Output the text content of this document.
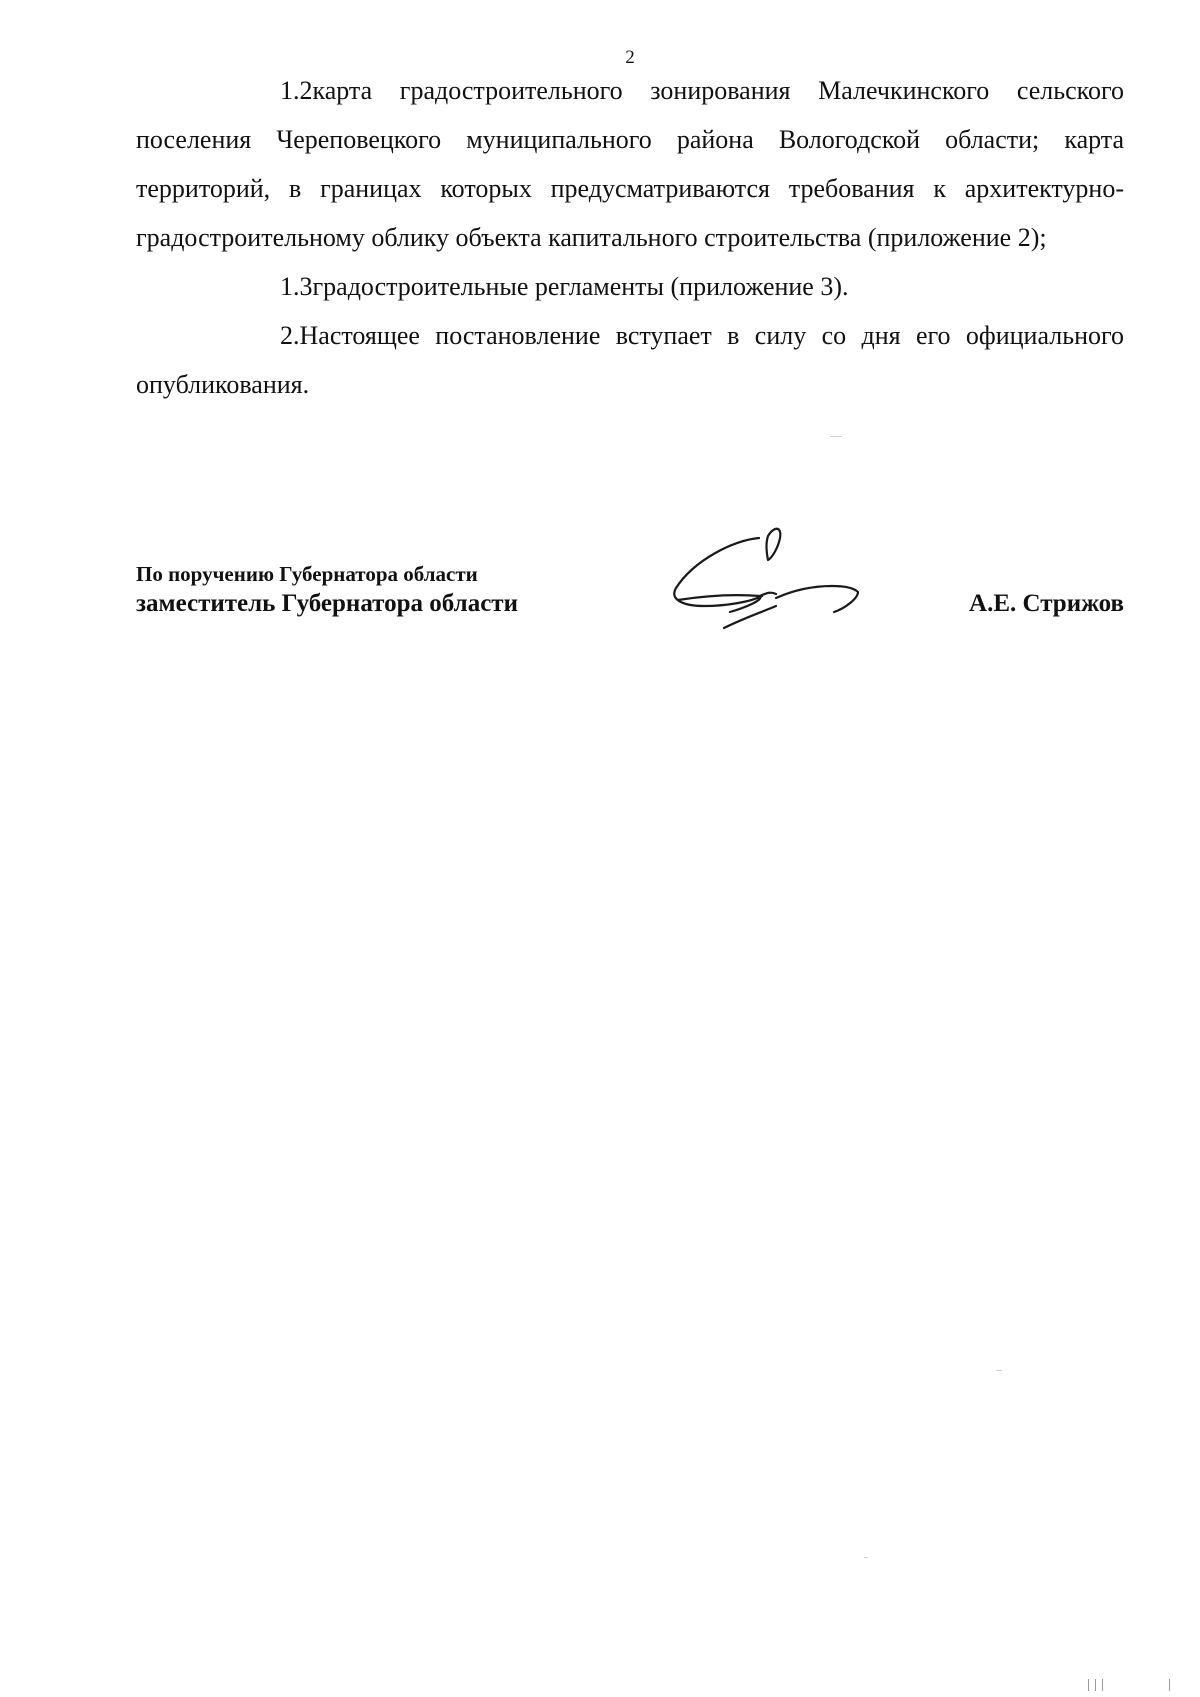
2

1.2карта градостроительного зонирования Малечкинского сельского поселения Череповецкого муниципального района Вологодской области; карта территорий, в границах которых предусматриваются требования к архитектурно-градостроительному облику объекта капитального строительства (приложение 2);

1.3градостроительные регламенты (приложение 3).

2.Настоящее постановление вступает в силу со дня его официального опубликования.

По поручению Губернатора области
заместитель Губернатора области	А.Е. Стрижов
